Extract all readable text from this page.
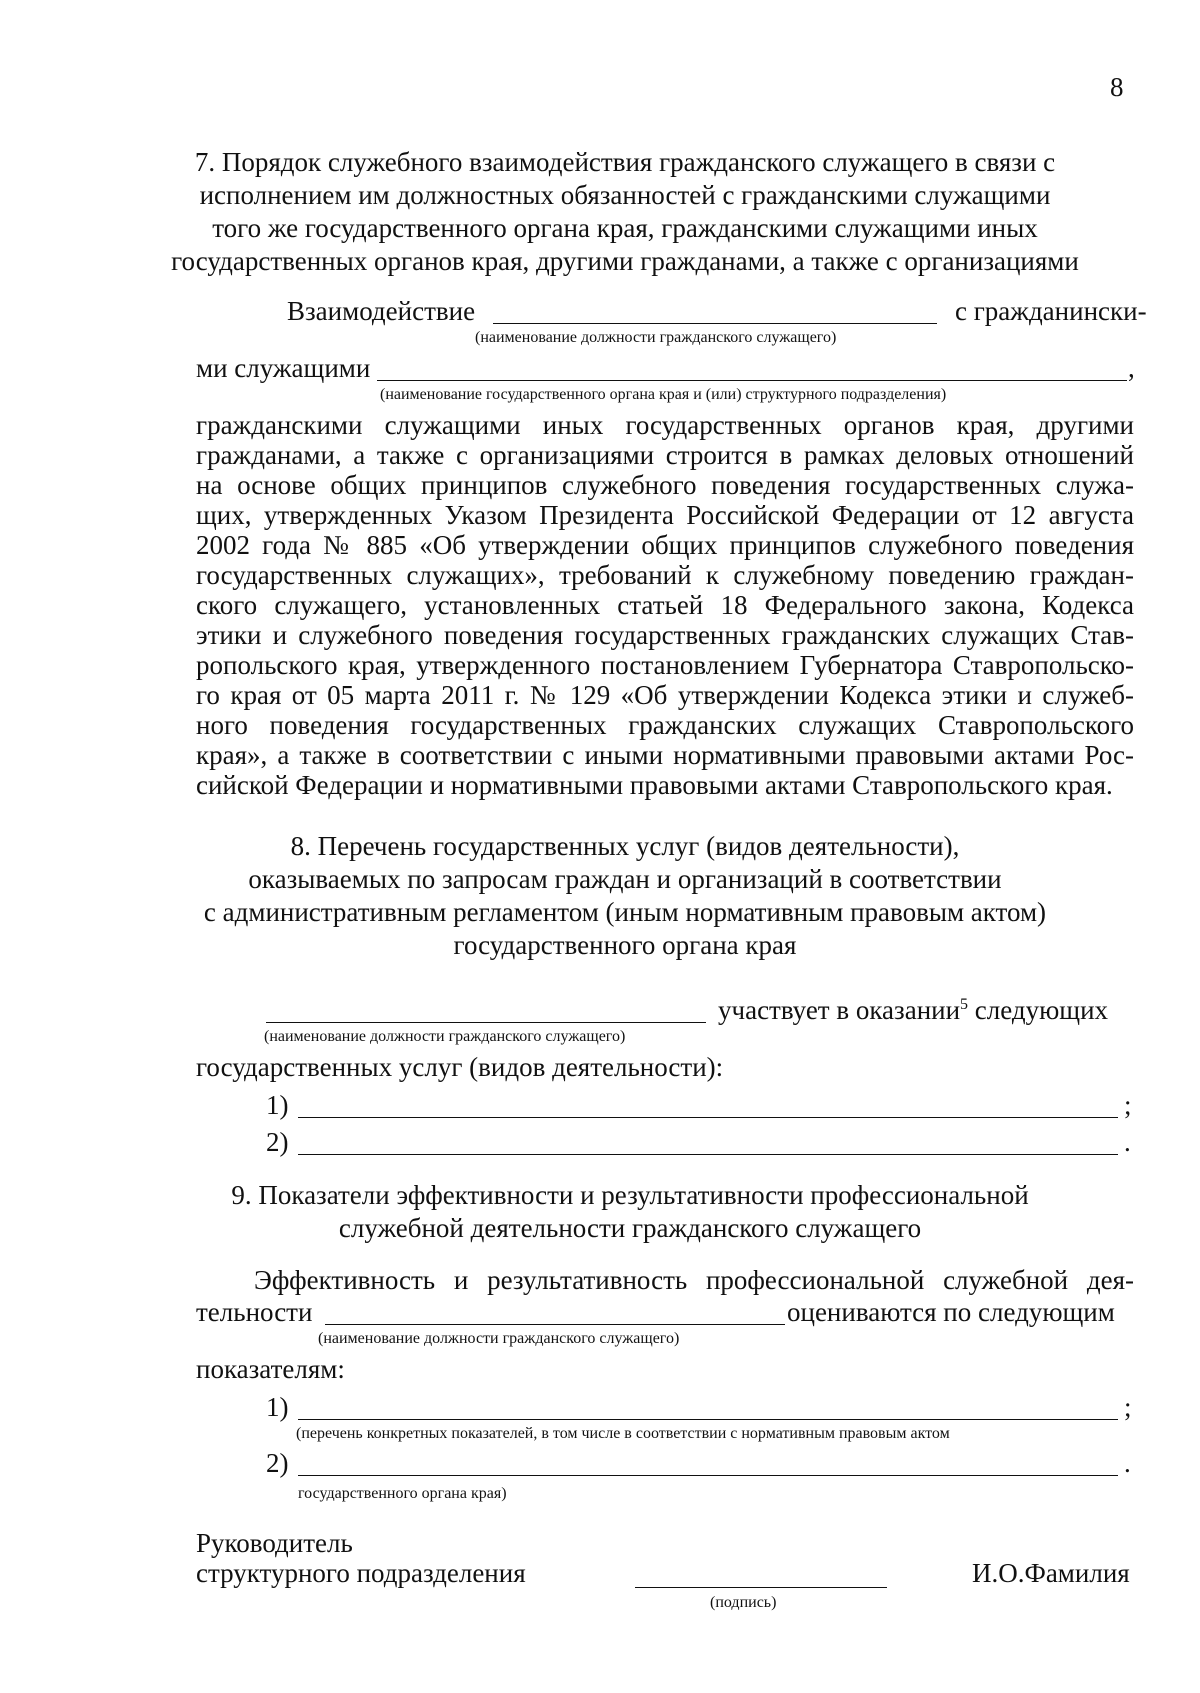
8
7. Порядок служебного взаимодействия гражданского служащего в связи с
исполнением им должностных обязанностей с гражданскими служащими
того же государственного органа края, гражданскими служащими иных
государственных органов края, другими гражданами, а также с организациями
Взаимодействие	с гражданински-
(наименование должности гражданского служащего)
ми служащими	,
(наименование государственного органа края и (или) структурного подразделения)
гражданскими служащими иных государственных органов края, другими
гражданами, а также с организациями строится в рамках деловых отношений
на основе общих принципов служебного поведения государственных служа-
щих, утвержденных Указом Президента Российской Федерации от 12 августа
2002 года № 885 «Об утверждении общих принципов служебного поведения
государственных служащих», требований к служебному поведению граждан-
ского служащего, установленных статьей 18 Федерального закона, Кодекса
этики и служебного поведения государственных гражданских служащих Став-
ропольского края, утвержденного постановлением Губернатора Ставропольско-
го края от 05 марта 2011 г. № 129 «Об утверждении Кодекса этики и служеб-
ного поведения государственных гражданских служащих Ставропольского
края», а также в соответствии с иными нормативными правовыми актами Рос-
сийской Федерации и нормативными правовыми актами Ставропольского края.
8. Перечень государственных услуг (видов деятельности),
оказываемых по запросам граждан и организаций в соответствии
с административным регламентом (иным нормативным правовым актом)
государственного органа края
участвует в оказании$^5$ следующих
(наименование должности гражданского служащего)
государственных услуг (видов деятельности):
1)	;
2)	.
9. Показатели эффективности и результативности профессиональной
служебной деятельности гражданского служащего
Эффективность и результативность профессиональной служебной дея-
тельности	оцениваются по следующим
(наименование должности гражданского служащего)
показателям:
1)	;
(перечень конкретных показателей, в том числе в соответствии с нормативным правовым актом
2)	.
государственного органа края)
Руководитель
структурного подразделения
(подпись)
И.О.Фамилия
